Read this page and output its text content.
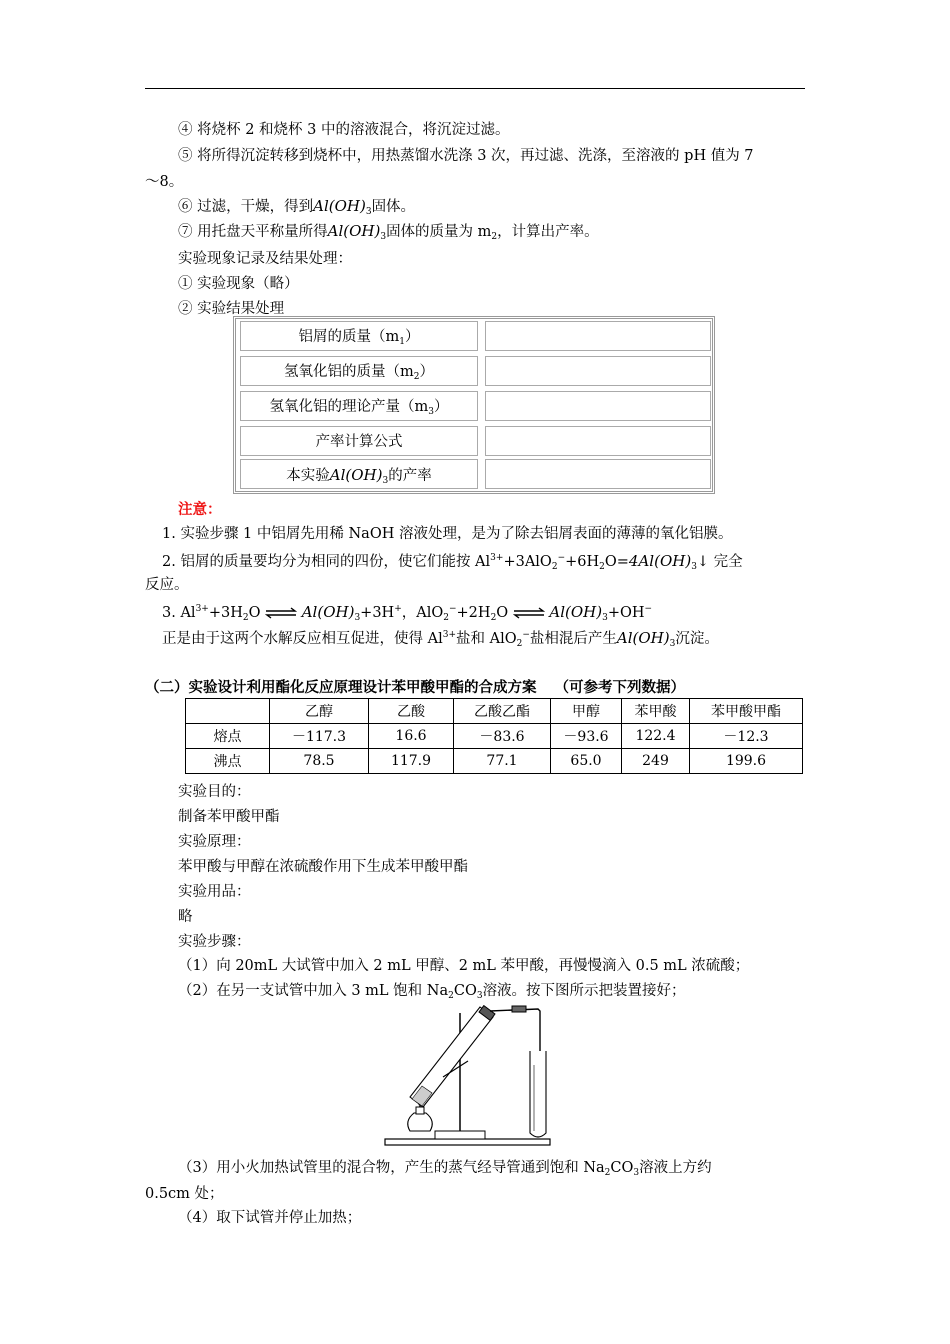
④ 将烧杯 2 和烧杯 3 中的溶液混合，将沉淀过滤。
⑤ 将所得沉淀转移到烧杯中，用热蒸馏水洗涤 3 次，再过滤、洗涤，至溶液的 pH 值为 7
～8。
⑥ 过滤，干燥，得到$Al(OH)_3$固体。
⑦ 用托盘天平称量所得$Al(OH)_3$固体的质量为 $m_2$，计算出产率。
实验现象记录及结果处理：
① 实验现象（略）
② 实验结果处理
铝屑的质量$(m_1)$
氢氧化铝的质量$(m_2)$
氢氧化铝的理论产量$(m_3)$
产率计算公式
本实验$Al(OH)_3$的产率
注意：
1. 实验步骤 1 中铝屑先用稀 NaOH 溶液处理，是为了除去铝屑表面的薄薄的氧化铝膜。
2. 铝屑的质量要均分为相同的四份，使它们能按 $Al^{3+}+3AlO_2^-+6H_2O=4Al(OH)_3↓$ 完全
反应。
3. $Al^{3+}+3H_2O$ ⇌ $Al(OH)_3+3H^+$，$AlO_2^-+2H_2O$ ⇌ $Al(OH)_3+OH^-$
正是由于这两个水解反应相互促进，使得 $Al^{3+}$盐和 AlO$_2$−盐相混后产生$Al(OH)_3$沉淀。
（二）实验设计利用酯化反应原理设计苯甲酸甲酯的合成方案 （可参考下列数据）
	乙醇	乙酸	乙酸乙酯	甲醇	苯甲酸	苯甲酸甲酯
熔点	－117.3	16.6	－83.6	－93.6	122.4	－12.3
沸点	78.5	117.9	77.1	65.0	249	199.6
实验目的：
制备苯甲酸甲酯
实验原理：
苯甲酸与甲醇在浓硫酸作用下生成苯甲酸甲酯
实验用品：
略
实验步骤：
（1）向 20mL 大试管中加入 2 mL 甲醇、2 mL 苯甲酸，再慢慢滴入 0.5 mL 浓硫酸；
（2）在另一支试管中加入 3 mL 饱和 $Na_2CO_3$溶液。按下图所示把装置接好；
（3）用小火加热试管里的混合物，产生的蒸气经导管通到饱和 $Na_2CO_3$溶液上方约
0.5cm 处；
（4）取下试管并停止加热；
